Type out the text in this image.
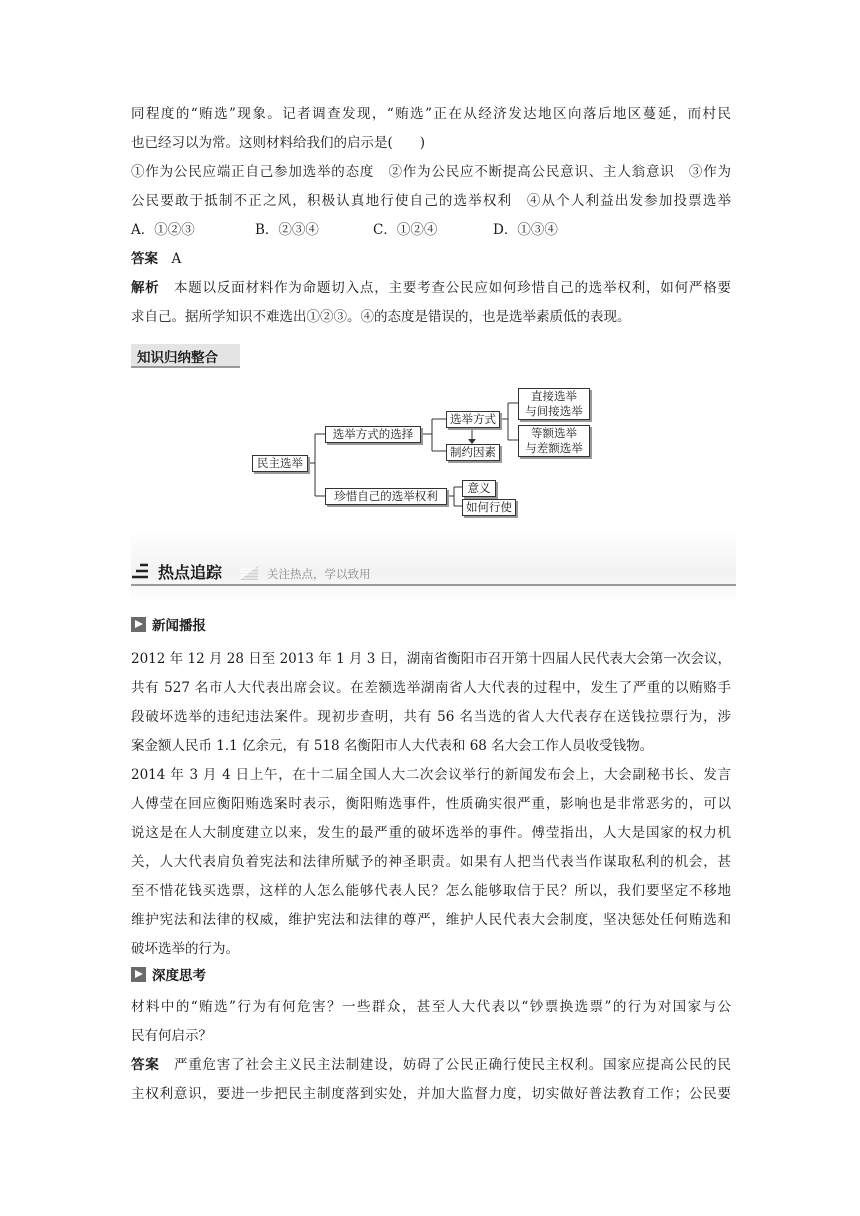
同程度的“贿选”现象。记者调查发现，“贿选”正在从经济发达地区向落后地区蔓延，而村民
也已经习以为常。这则材料给我们的启示是(　　)
①作为公民应端正自己参加选举的态度　②作为公民应不断提高公民意识、主人翁意识　③作为
公民要敢于抵制不正之风，积极认真地行使自己的选举权利　④从个人利益出发参加投票选举
A．①②③	B．②③④	C．①②④	D．①③④
答案　 A
解析　 本题以反面材料作为命题切入点，主要考查公民应如何珍惜自己的选举权利，如何严格要
求自己。据所学知识不难选出①②③。④的态度是错误的，也是选举素质低的表现。
知识归纳整合
民主选举
选举方式的选择
选举方式
制约因素
直接选举
与间接选举
等额选举
与差额选举
珍惜自己的选举权利
意义
如何行使
热点追踪	关注热点，学以致用
新闻播报
2012 年 12 月 28 日至 2013 年 1 月 3 日，湖南省衡阳市召开第十四届人民代表大会第一次会议，
共有 527 名市人大代表出席会议。在差额选举湖南省人大代表的过程中，发生了严重的以贿赂手
段破坏选举的违纪违法案件。现初步查明，共有 56 名当选的省人大代表存在送钱拉票行为，涉
案金额人民币 1.1 亿余元，有 518 名衡阳市人大代表和 68 名大会工作人员收受钱物。
2014 年 3 月 4 日上午，在十二届全国人大二次会议举行的新闻发布会上，大会副秘书长、发言
人傅莹在回应衡阳贿选案时表示，衡阳贿选事件，性质确实很严重，影响也是非常恶劣的，可以
说这是在人大制度建立以来，发生的最严重的破坏选举的事件。傅莹指出，人大是国家的权力机
关，人大代表肩负着宪法和法律所赋予的神圣职责。如果有人把当代表当作谋取私利的机会，甚
至不惜花钱买选票，这样的人怎么能够代表人民？怎么能够取信于民？所以，我们要坚定不移地
维护宪法和法律的权威，维护宪法和法律的尊严，维护人民代表大会制度，坚决惩处任何贿选和
破坏选举的行为。
深度思考
材料中的“贿选”行为有何危害？一些群众，甚至人大代表以“钞票换选票”的行为对国家与公
民有何启示？
答案　 严重危害了社会主义民主法制建设，妨碍了公民正确行使民主权利。国家应提高公民的民
主权利意识，要进一步把民主制度落到实处，并加大监督力度，切实做好普法教育工作；公民要
